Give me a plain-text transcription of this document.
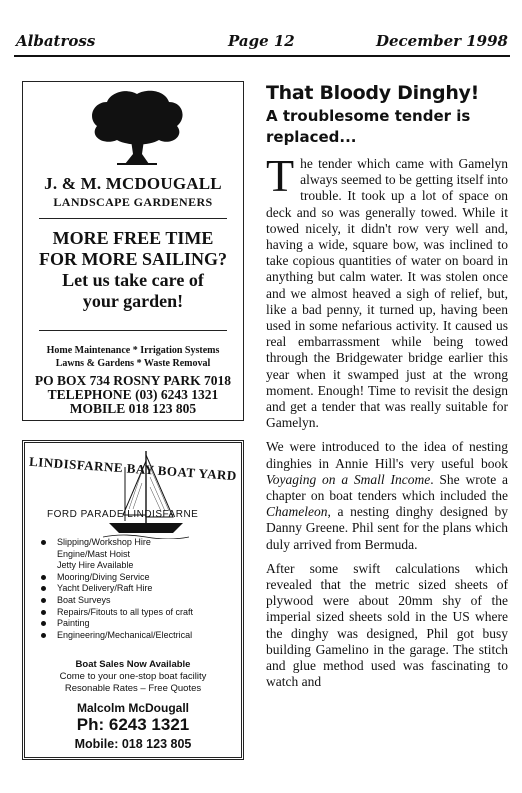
Albatross	Page 12	December 1998
J. & M. MCDOUGALL
LANDSCAPE GARDENERS
MORE FREE TIME
FOR MORE SAILING?
Let us take care of
your garden!
Home Maintenance * Irrigation Systems
Lawns & Gardens * Waste Removal
PO BOX 734 ROSNY PARK 7018
TELEPHONE (03) 6243 1321
MOBILE 018 123 805
LINDISFARNE BAY BOAT YARD
FORD PARADE LINDISFARNE
Slipping/Workshop Hire
Engine/Mast Hoist
Jetty Hire Available
Mooring/Diving Service
Yacht Delivery/Raft Hire
Boat Surveys
Repairs/Fitouts to all types of craft
Painting
Engineering/Mechanical/Electrical
Boat Sales Now Available
Come to your one-stop boat facility
Resonable Rates – Free Quotes
Malcolm McDougall
Ph: 6243 1321
Mobile: 018 123 805
That Bloody Dinghy!
A troublesome tender is replaced...

The tender which came with Gamelyn always seemed to be getting itself into trouble. It took up a lot of space on deck and so was generally towed. While it towed nicely, it didn't row very well and, having a wide, square bow, was inclined to take copious quantities of water on board in anything but calm water. It was stolen once and we almost heaved a sigh of relief, but, like a bad penny, it turned up, having been used in some nefarious activity. It caused us real embarrassment while being towed through the Bridgewater bridge earlier this year when it swamped just at the wrong moment. Enough! Time to revisit the design and get a tender that was really suitable for Gamelyn.

We were introduced to the idea of nesting dinghies in Annie Hill's very useful book Voyaging on a Small Income. She wrote a chapter on boat tenders which included the Chameleon, a nesting dinghy designed by Danny Greene. Phil sent for the plans which duly arrived from Bermuda.

After some swift calculations which revealed that the metric sized sheets of plywood were about 20mm shy of the imperial sized sheets sold in the US where the dinghy was designed, Phil got busy building Gamelino in the garage. The stitch and glue method used was fascinating to watch and
